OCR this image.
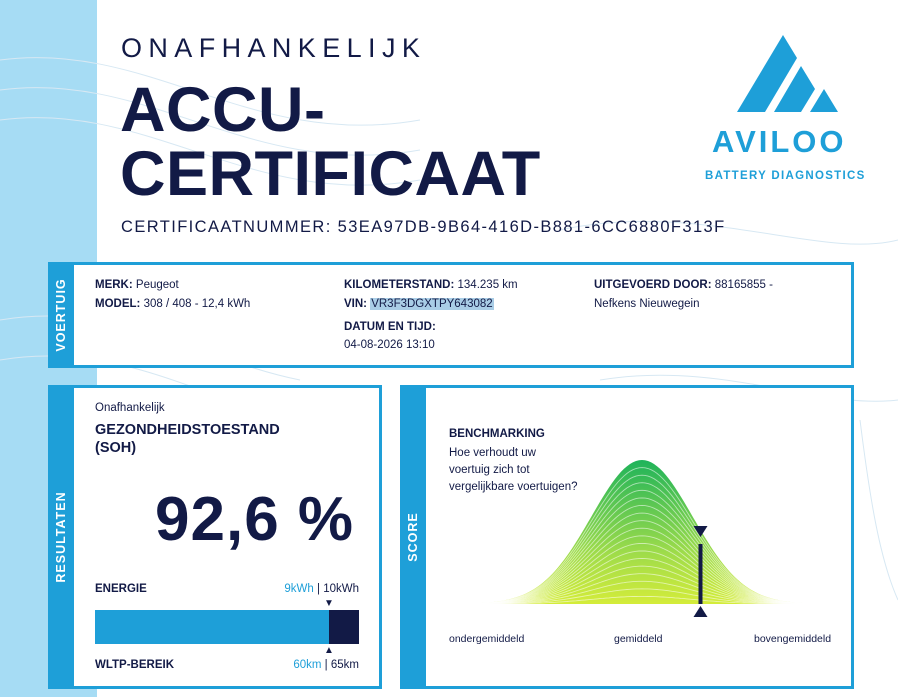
ONAFHANKELIJK
ACCU-
CERTIFICAAT
CERTIFICAATNUMMER: 53EA97DB-9B64-416D-B881-6CC6880F313F
AVILOO
BATTERY DIAGNOSTICS
VOERTUIG MERK: Peugeot
MODEL: 308 / 408 - 12,4 kWh
KILOMETERSTAND: 134.235 km
VIN: VR3F3DGXTPY643082
DATUM EN TIJD:
04-08-2026 13:10
UITGEVOERD DOOR: 88165855 -
Nefkens Nieuwegein
RESULTATEN
Onafhankelijk
GEZONDHEIDSTOESTAND
(SOH)
92,6 %
ENERGIE	9kWh | 10kWh
▼
▲
WLTP-BEREIK	60km | 65km
SCORE
BENCHMARKING
Hoe verhoudt uw
voertuig zich tot
vergelijkbare voertuigen?
ondergemiddeld	gemiddeld	bovengemiddeld
